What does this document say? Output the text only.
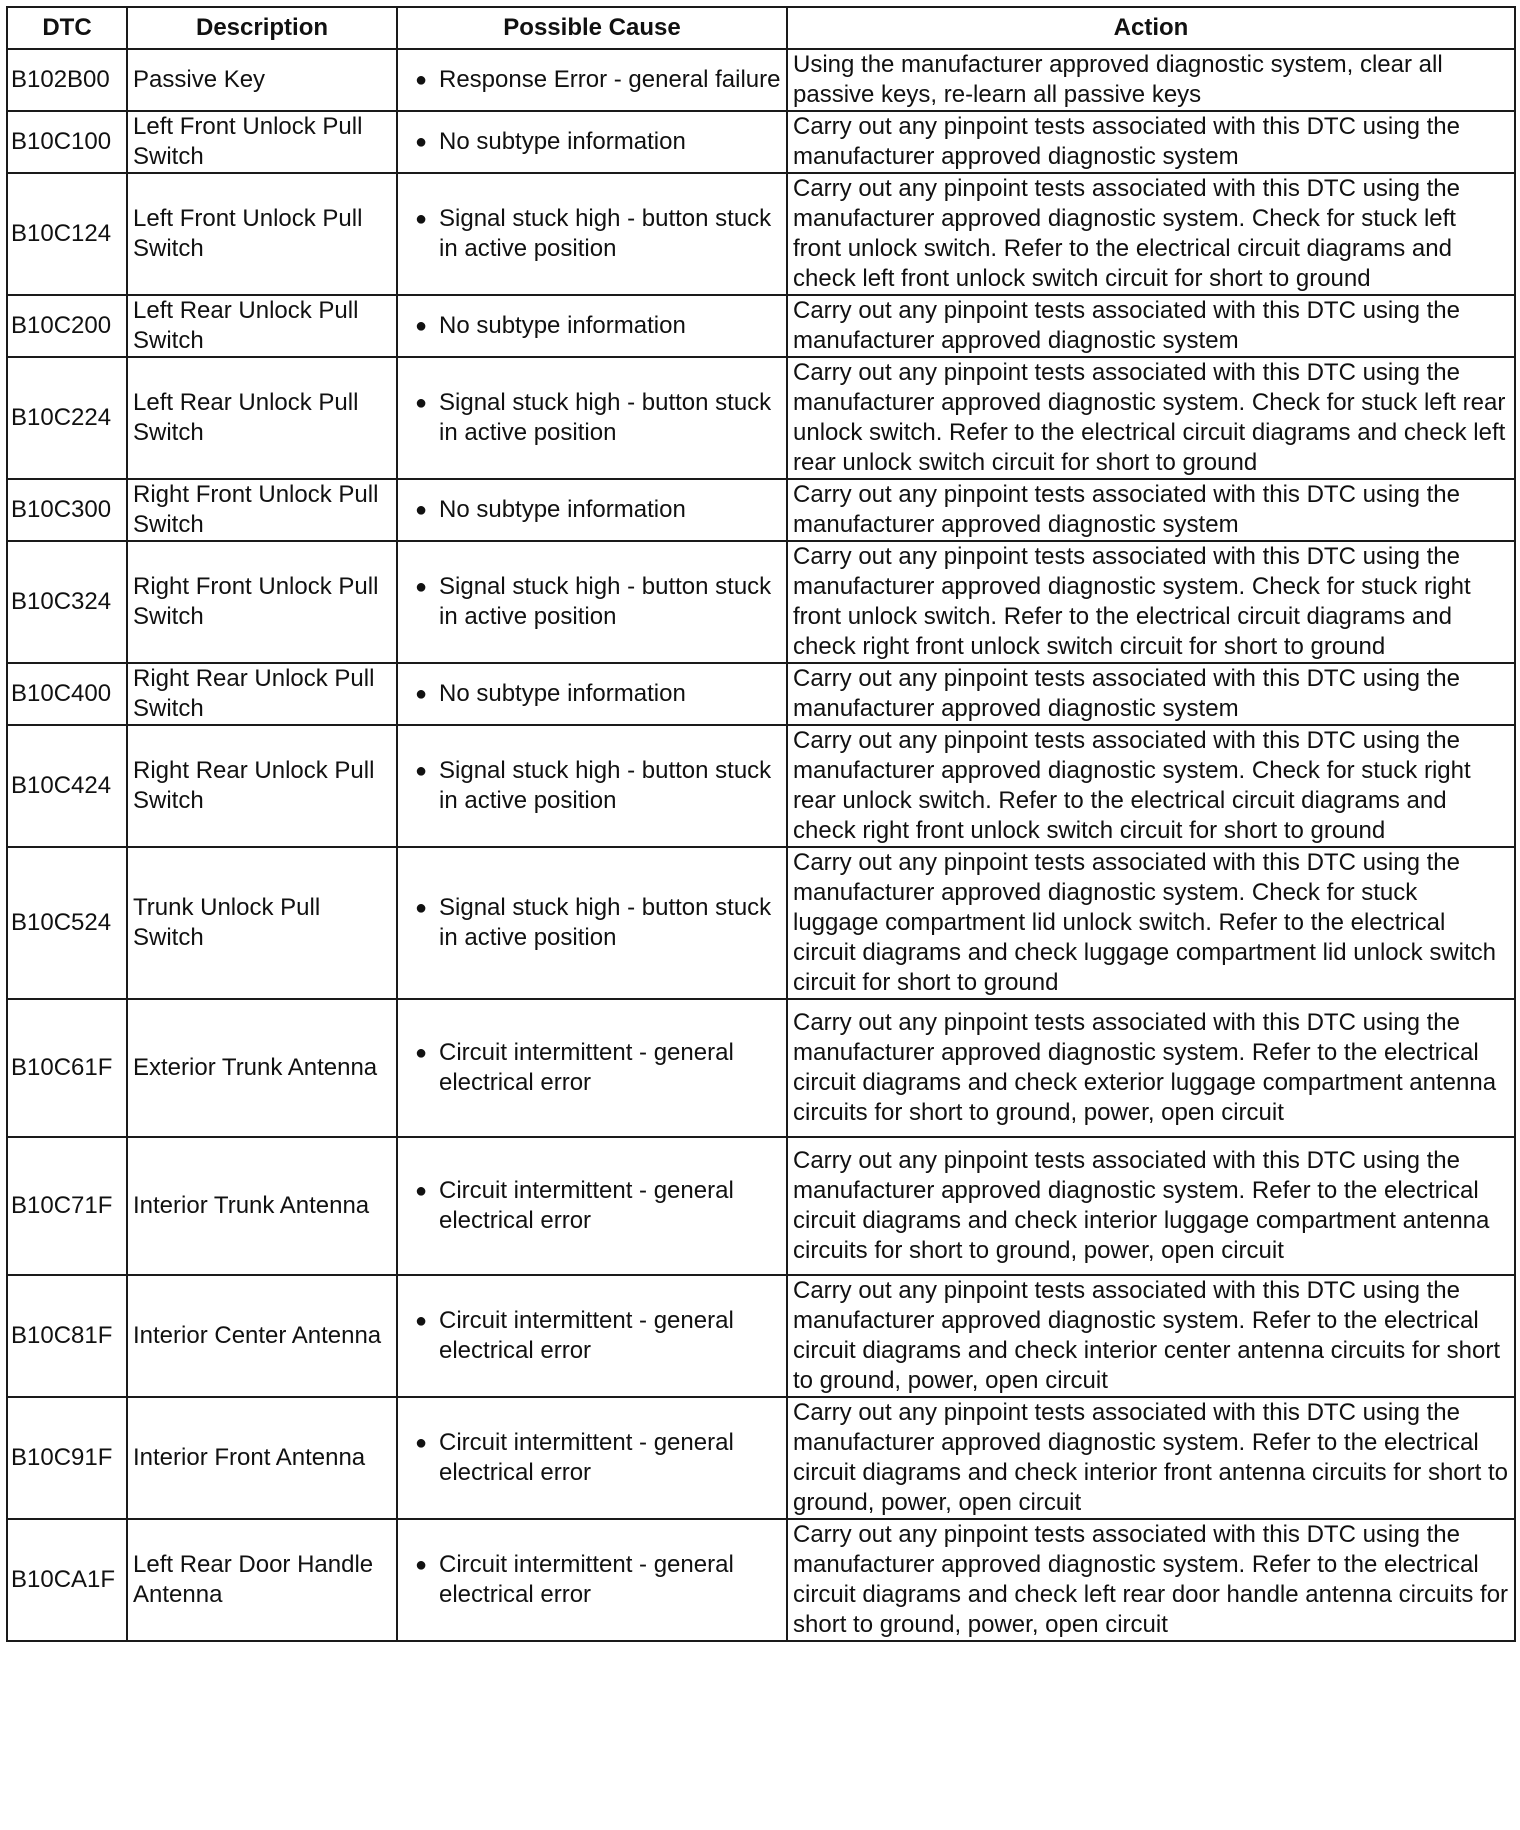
DTC	Description	Possible Cause	Action
B102B00	Passive Key	● Response Error - general failure	Using the manufacturer approved diagnostic system, clear all passive keys, re-learn all passive keys
B10C100	Left Front Unlock Pull Switch	● No subtype information	Carry out any pinpoint tests associated with this DTC using the manufacturer approved diagnostic system
B10C124	Left Front Unlock Pull Switch	● Signal stuck high - button stuck in active position	Carry out any pinpoint tests associated with this DTC using the manufacturer approved diagnostic system. Check for stuck left front unlock switch. Refer to the electrical circuit diagrams and check left front unlock switch circuit for short to ground
B10C200	Left Rear Unlock Pull Switch	● No subtype information	Carry out any pinpoint tests associated with this DTC using the manufacturer approved diagnostic system
B10C224	Left Rear Unlock Pull Switch	● Signal stuck high - button stuck in active position	Carry out any pinpoint tests associated with this DTC using the manufacturer approved diagnostic system. Check for stuck left rear unlock switch. Refer to the electrical circuit diagrams and check left rear unlock switch circuit for short to ground
B10C300	Right Front Unlock Pull Switch	● No subtype information	Carry out any pinpoint tests associated with this DTC using the manufacturer approved diagnostic system
B10C324	Right Front Unlock Pull Switch	● Signal stuck high - button stuck in active position	Carry out any pinpoint tests associated with this DTC using the manufacturer approved diagnostic system. Check for stuck right front unlock switch. Refer to the electrical circuit diagrams and check right front unlock switch circuit for short to ground
B10C400	Right Rear Unlock Pull Switch	● No subtype information	Carry out any pinpoint tests associated with this DTC using the manufacturer approved diagnostic system
B10C424	Right Rear Unlock Pull Switch	● Signal stuck high - button stuck in active position	Carry out any pinpoint tests associated with this DTC using the manufacturer approved diagnostic system. Check for stuck right rear unlock switch. Refer to the electrical circuit diagrams and check right front unlock switch circuit for short to ground
B10C524	Trunk Unlock Pull Switch	● Signal stuck high - button stuck in active position	Carry out any pinpoint tests associated with this DTC using the manufacturer approved diagnostic system. Check for stuck luggage compartment lid unlock switch. Refer to the electrical circuit diagrams and check luggage compartment lid unlock switch circuit for short to ground
B10C61F	Exterior Trunk Antenna	● Circuit intermittent - general electrical error	Carry out any pinpoint tests associated with this DTC using the manufacturer approved diagnostic system. Refer to the electrical circuit diagrams and check exterior luggage compartment antenna circuits for short to ground, power, open circuit
B10C71F	Interior Trunk Antenna	● Circuit intermittent - general electrical error	Carry out any pinpoint tests associated with this DTC using the manufacturer approved diagnostic system. Refer to the electrical circuit diagrams and check interior luggage compartment antenna circuits for short to ground, power, open circuit
B10C81F	Interior Center Antenna	● Circuit intermittent - general electrical error	Carry out any pinpoint tests associated with this DTC using the manufacturer approved diagnostic system. Refer to the electrical circuit diagrams and check interior center antenna circuits for short to ground, power, open circuit
B10C91F	Interior Front Antenna	● Circuit intermittent - general electrical error	Carry out any pinpoint tests associated with this DTC using the manufacturer approved diagnostic system. Refer to the electrical circuit diagrams and check interior front antenna circuits for short to ground, power, open circuit
B10CA1F	Left Rear Door Handle Antenna	● Circuit intermittent - general electrical error	Carry out any pinpoint tests associated with this DTC using the manufacturer approved diagnostic system. Refer to the electrical circuit diagrams and check left rear door handle antenna circuits for short to ground, power, open circuit
